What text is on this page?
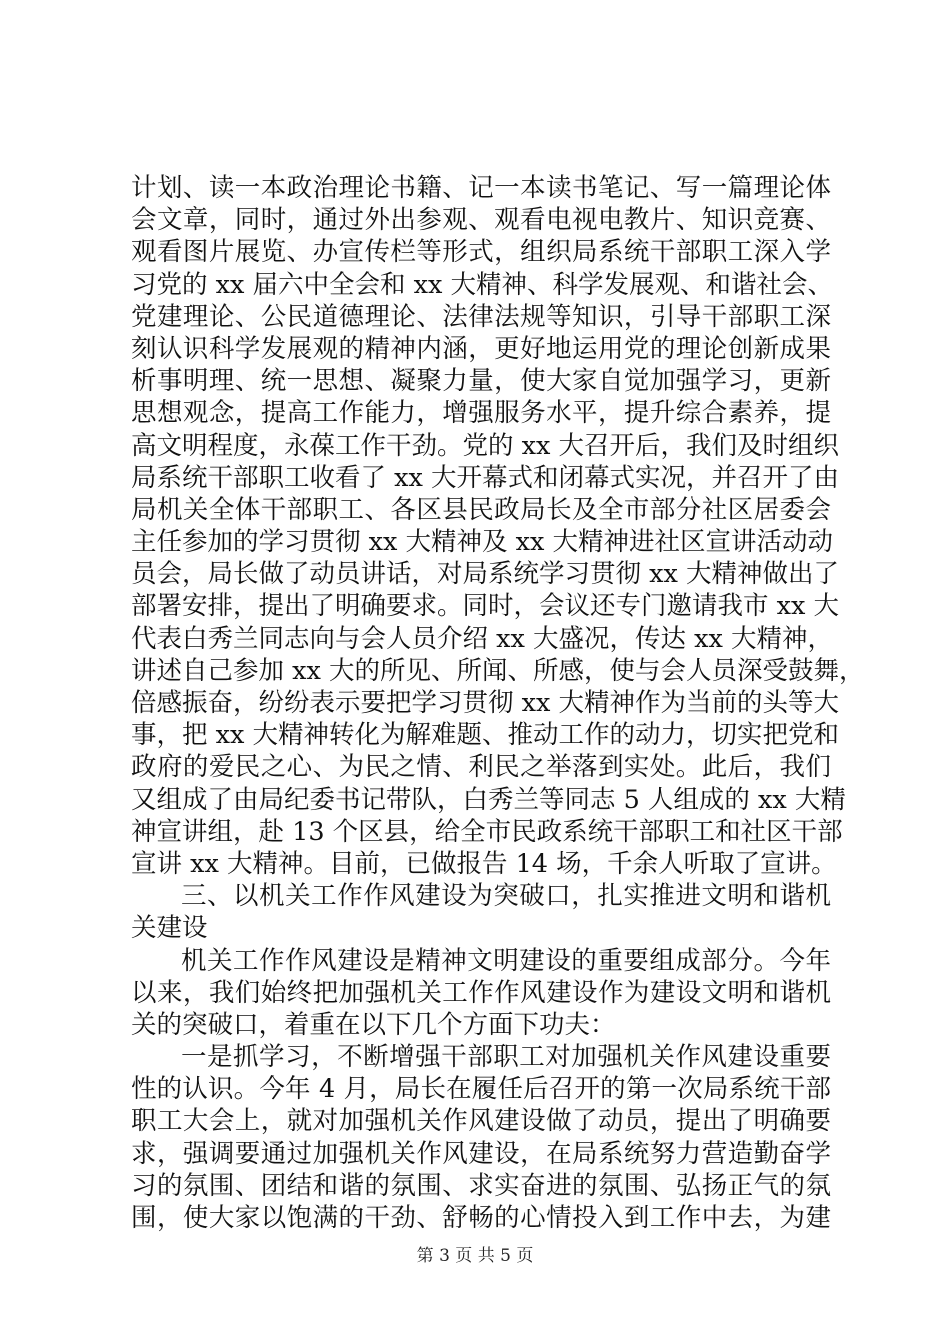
计划、读一本政治理论书籍、记一本读书笔记、写一篇理论体
会文章，同时，通过外出参观、观看电视电教片、知识竞赛、
观看图片展览、办宣传栏等形式，组织局系统干部职工深入学
习党的 xx 届六中全会和 xx 大精神、科学发展观、和谐社会、
党建理论、公民道德理论、法律法规等知识，引导干部职工深
刻认识科学发展观的精神内涵，更好地运用党的理论创新成果
析事明理、统一思想、凝聚力量，使大家自觉加强学习，更新
思想观念，提高工作能力，增强服务水平，提升综合素养，提
高文明程度，永葆工作干劲。党的 xx 大召开后，我们及时组织
局系统干部职工收看了 xx 大开幕式和闭幕式实况，并召开了由
局机关全体干部职工、各区县民政局长及全市部分社区居委会
主任参加的学习贯彻 xx 大精神及 xx 大精神进社区宣讲活动动
员会，局长做了动员讲话，对局系统学习贯彻 xx 大精神做出了
部署安排，提出了明确要求。同时，会议还专门邀请我市 xx 大
代表白秀兰同志向与会人员介绍 xx 大盛况，传达 xx 大精神，
讲述自己参加 xx 大的所见、所闻、所感，使与会人员深受鼓舞，
倍感振奋，纷纷表示要把学习贯彻 xx 大精神作为当前的头等大
事，把 xx 大精神转化为解难题、推动工作的动力，切实把党和
政府的爱民之心、为民之情、利民之举落到实处。此后，我们
又组成了由局纪委书记带队，白秀兰等同志 5 人组成的 xx 大精
神宣讲组，赴 13 个区县，给全市民政系统干部职工和社区干部
宣讲 xx 大精神。目前，已做报告 14 场，千余人听取了宣讲。
三、以机关工作作风建设为突破口，扎实推进文明和谐机
关建设
机关工作作风建设是精神文明建设的重要组成部分。今年
以来，我们始终把加强机关工作作风建设作为建设文明和谐机
关的突破口，着重在以下几个方面下功夫：
一是抓学习，不断增强干部职工对加强机关作风建设重要
性的认识。今年 4 月，局长在履任后召开的第一次局系统干部
职工大会上，就对加强机关作风建设做了动员，提出了明确要
求，强调要通过加强机关作风建设，在局系统努力营造勤奋学
习的氛围、团结和谐的氛围、求实奋进的氛围、弘扬正气的氛
围，使大家以饱满的干劲、舒畅的心情投入到工作中去，为建
第 3 页 共 5 页
